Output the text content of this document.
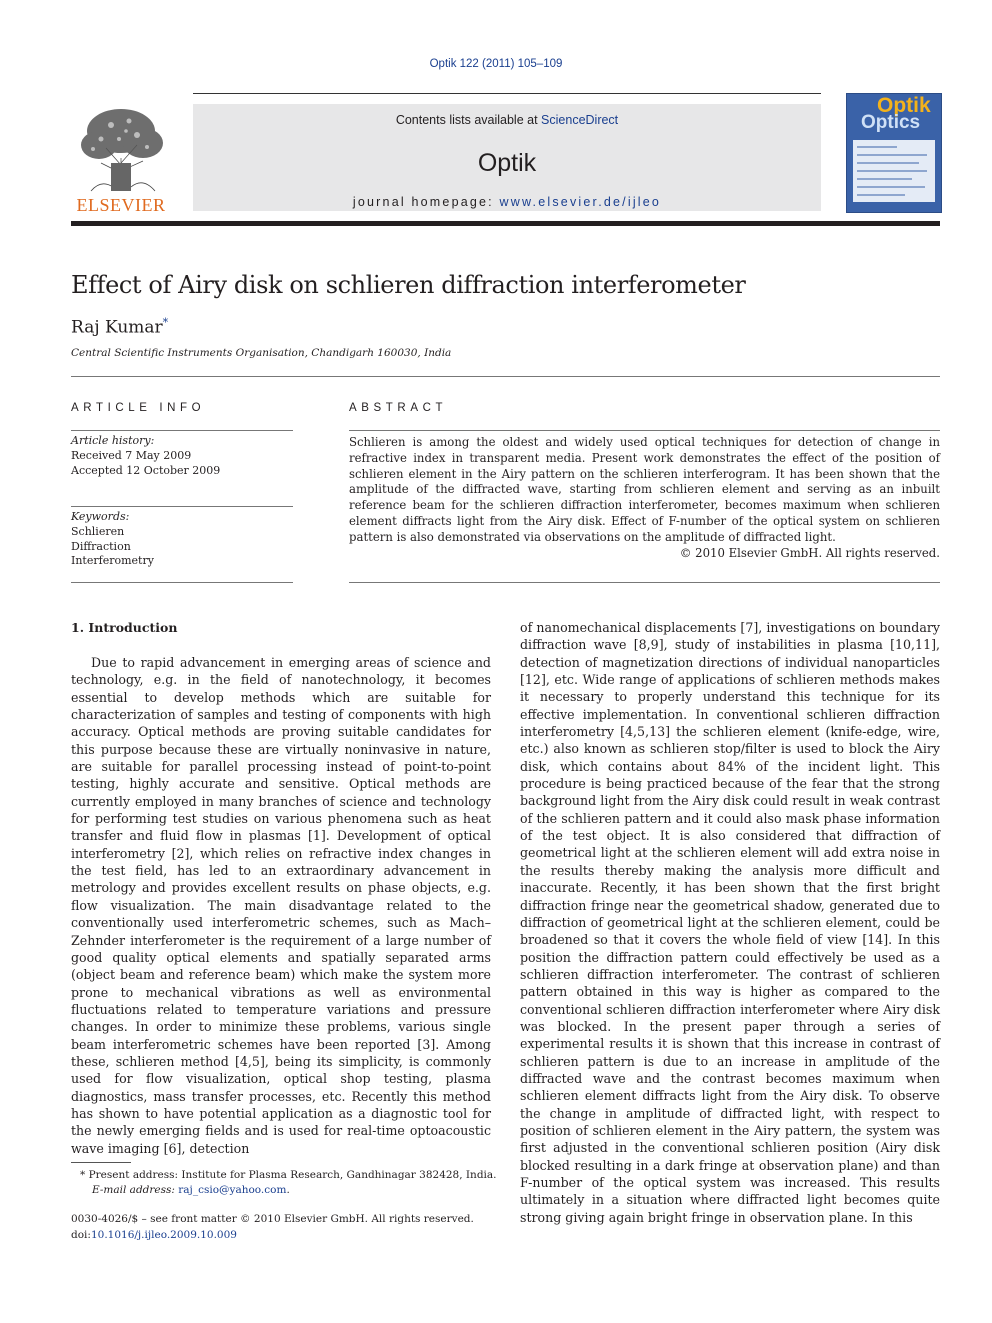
Optik 122 (2011) 105–109
ELSEVIER
Contents lists available at ScienceDirect
Optik
journal homepage: www.elsevier.de/ijleo
Optik
Optics
Effect of Airy disk on schlieren diffraction interferometer
Raj Kumar*
Central Scientific Instruments Organisation, Chandigarh 160030, India
ARTICLE INFO
Article history:
Received 7 May 2009
Accepted 12 October 2009
Keywords:
Schlieren
Diffraction
Interferometry
ABSTRACT
Schlieren is among the oldest and widely used optical techniques for detection of change in refractive index in transparent media. Present work demonstrates the effect of the position of schlieren element in the Airy pattern on the schlieren interferogram. It has been shown that the amplitude of the diffracted wave, starting from schlieren element and serving as an inbuilt reference beam for the schlieren diffraction interferometer, becomes maximum when schlieren element diffracts light from the Airy disk. Effect of F-number of the optical system on schlieren pattern is also demonstrated via observations on the amplitude of diffracted light.
© 2010 Elsevier GmbH. All rights reserved.
1. Introduction

Due to rapid advancement in emerging areas of science and technology, e.g. in the field of nanotechnology, it becomes essential to develop methods which are suitable for characterization of samples and testing of components with high accuracy. Optical methods are proving suitable candidates for this purpose because these are virtually noninvasive in nature, are suitable for parallel processing instead of point-to-point testing, highly accurate and sensitive. Optical methods are currently employed in many branches of science and technology for performing test studies on various phenomena such as heat transfer and fluid flow in plasmas [1]. Development of optical interferometry [2], which relies on refractive index changes in the test field, has led to an extraordinary advancement in metrology and provides excellent results on phase objects, e.g. flow visualization. The main disadvantage related to the conventionally used interferometric schemes, such as Mach–Zehnder interferometer is the requirement of a large number of good quality optical elements and spatially separated arms (object beam and reference beam) which make the system more prone to mechanical vibrations as well as environmental fluctuations related to temperature variations and pressure changes. In order to minimize these problems, various single beam interferometric schemes have been reported [3]. Among these, schlieren method [4,5], being its simplicity, is commonly used for flow visualization, optical shop testing, plasma diagnostics, mass transfer processes, etc. Recently this method has shown to have potential application as a diagnostic tool for the newly emerging fields and is used for real-time optoacoustic wave imaging [6], detection

of nanomechanical displacements [7], investigations on boundary diffraction wave [8,9], study of instabilities in plasma [10,11], detection of magnetization directions of individual nanoparticles [12], etc. Wide range of applications of schlieren methods makes it necessary to properly understand this technique for its effective implementation. In conventional schlieren diffraction interferometry [4,5,13] the schlieren element (knife-edge, wire, etc.) also known as schlieren stop/filter is used to block the Airy disk, which contains about 84% of the incident light. This procedure is being practiced because of the fear that the strong background light from the Airy disk could result in weak contrast of the schlieren pattern and it could also mask phase information of the test object. It is also considered that diffraction of geometrical light at the schlieren element will add extra noise in the results thereby making the analysis more difficult and inaccurate. Recently, it has been shown that the first bright diffraction fringe near the geometrical shadow, generated due to diffraction of geometrical light at the schlieren element, could be broadened so that it covers the whole field of view [14]. In this position the diffraction pattern could effectively be used as a schlieren diffraction interferometer. The contrast of schlieren pattern obtained in this way is higher as compared to the conventional schlieren diffraction interferometer where Airy disk was blocked. In the present paper through a series of experimental results it is shown that this increase in contrast of schlieren pattern is due to an increase in amplitude of the diffracted wave and the contrast becomes maximum when schlieren element diffracts light from the Airy disk. To observe the change in amplitude of diffracted light, with respect to position of schlieren element in the Airy pattern, the system was first adjusted in the conventional schlieren position (Airy disk blocked resulting in a dark fringe at observation plane) and than F-number of the optical system was increased. This results ultimately in a situation where diffracted light becomes quite strong giving again bright fringe in observation plane. In this

* Present address: Institute for Plasma Research, Gandhinagar 382428, India.
E-mail address: raj_csio@yahoo.com.
0030-4026/$ – see front matter © 2010 Elsevier GmbH. All rights reserved.
doi:10.1016/j.ijleo.2009.10.009
